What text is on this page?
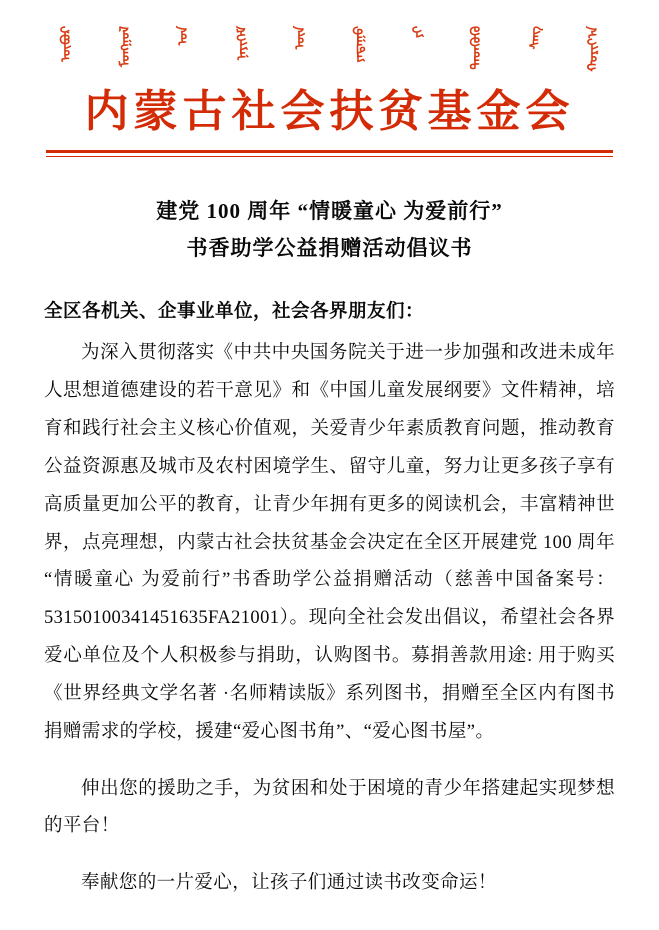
ᠦᠪᠦᠷ	ᠮᠣᠩᠭᠣᠯ	ᠤᠨ	ᠨᠡᠶᠢᠭᠡᠮ	ᠦᠨ	ᠶᠠᠳᠠᠭᠤ	ᠶᠢ	ᠲᠡᠳᠬᠦᠬᠦ	ᠰᠠᠩ	ᠬᠣᠷᠢᠶ᠎ᠠ
内蒙古社会扶贫基金会
建党 100 周年 “情暖童心 为爱前行”
书香助学公益捐赠活动倡议书
全区各机关、企事业单位，社会各界朋友们：

为深入贯彻落实《中共中央国务院关于进一步加强和改进未成年人思想道德建设的若干意见》和《中国儿童发展纲要》文件精神，培育和践行社会主义核心价值观，关爱青少年素质教育问题，推动教育公益资源惠及城市及农村困境学生、留守儿童，努力让更多孩子享有高质量更加公平的教育，让青少年拥有更多的阅读机会，丰富精神世界，点亮理想，内蒙古社会扶贫基金会决定在全区开展建党 100 周年 “情暖童心 为爱前行”书香助学公益捐赠活动（慈善中国备案号：53150100341451635FA21001）。现向全社会发出倡议，希望社会各界爱心单位及个人积极参与捐助，认购图书。募捐善款用途: 用于购买《世界经典文学名著 ·名师精读版》系列图书，捐赠至全区内有图书捐赠需求的学校，援建“爱心图书角”、“爱心图书屋”。

伸出您的援助之手，为贫困和处于困境的青少年搭建起实现梦想的平台！

奉献您的一片爱心，让孩子们通过读书改变命运！
